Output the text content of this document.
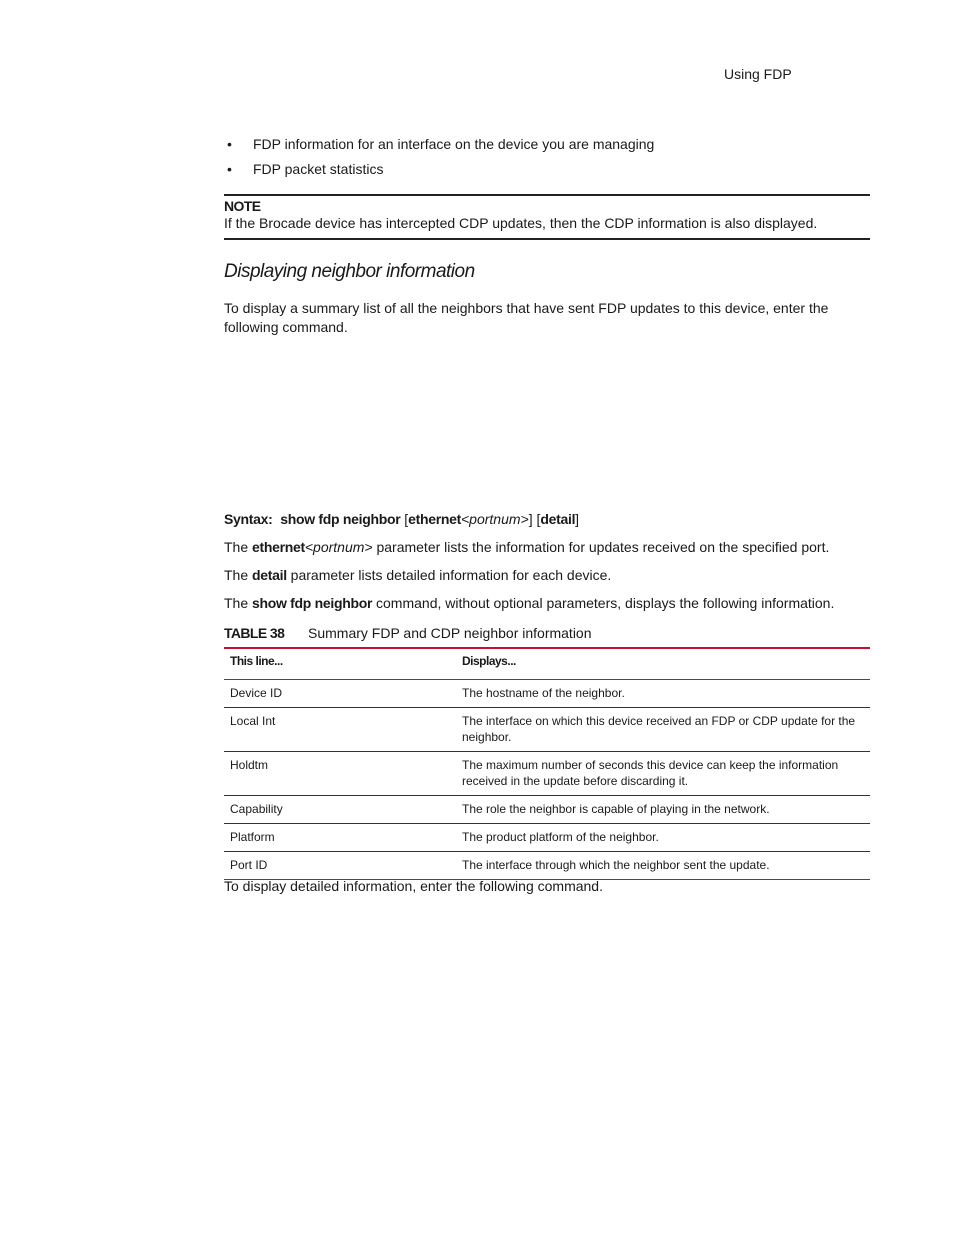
Using FDP
• FDP information for an interface on the device you are managing
• FDP packet statistics
NOTE
If the Brocade device has intercepted CDP updates, then the CDP information is also displayed.
Displaying neighbor information
To display a summary list of all the neighbors that have sent FDP updates to this device, enter the following command.
Syntax: show fdp neighbor [ethernet<portnum>] [detail]
The ethernet<portnum> parameter lists the information for updates received on the specified port.
The detail parameter lists detailed information for each device.
The show fdp neighbor command, without optional parameters, displays the following information.
TABLE 38 Summary FDP and CDP neighbor information
This line...	Displays...
Device ID	The hostname of the neighbor.
Local Int	The interface on which this device received an FDP or CDP update for the neighbor.
Holdtm	The maximum number of seconds this device can keep the information received in the update before discarding it.
Capability	The role the neighbor is capable of playing in the network.
Platform	The product platform of the neighbor.
Port ID	The interface through which the neighbor sent the update.
To display detailed information, enter the following command.
